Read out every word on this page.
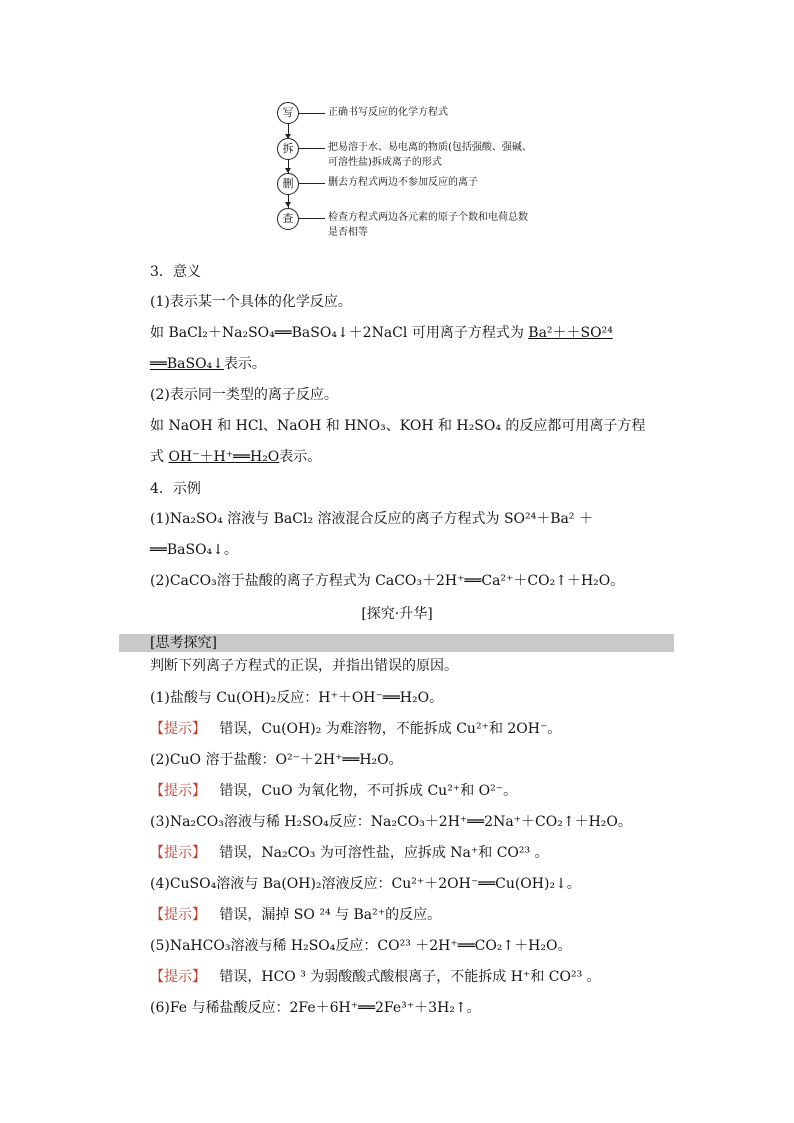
写	正确书写反应的化学方程式
拆	把易溶于水、易电离的物质(包括强酸、强碱、
可溶性盐)拆成离子的形式
删	删去方程式两边不参加反应的离子
查	检查方程式两边各元素的原子个数和电荷总数
是否相等
3．意义
(1)表示某一个具体的化学反应。
如 BaCl₂＋Na₂SO₄══BaSO₄↓＋2NaCl 可用离子方程式为 Ba²＋＋SO²⁴
══BaSO₄↓表示。
(2)表示同一类型的离子反应。
如 NaOH 和 HCl、NaOH 和 HNO₃、KOH 和 H₂SO₄ 的反应都可用离子方程
式 OH⁻＋H⁺══H₂O表示。
4．示例
(1)Na₂SO₄ 溶液与 BaCl₂ 溶液混合反应的离子方程式为 SO²⁴＋Ba² ＋
══BaSO₄↓。
(2)CaCO₃溶于盐酸的离子方程式为 CaCO₃＋2H⁺══Ca²⁺＋CO₂↑＋H₂O。
[探究·升华]
[思考探究]
判断下列离子方程式的正误，并指出错误的原因。
(1)盐酸与 Cu(OH)₂反应：H⁺＋OH⁻══H₂O。
【提示】 错误，Cu(OH)₂ 为难溶物，不能拆成 Cu²⁺和 2OH⁻。
(2)CuO 溶于盐酸：O²⁻＋2H⁺══H₂O。
【提示】 错误，CuO 为氧化物，不可拆成 Cu²⁺和 O²⁻。
(3)Na₂CO₃溶液与稀 H₂SO₄反应：Na₂CO₃＋2H⁺══2Na⁺＋CO₂↑＋H₂O。
【提示】 错误，Na₂CO₃ 为可溶性盐，应拆成 Na⁺和 CO²³ 。
(4)CuSO₄溶液与 Ba(OH)₂溶液反应：Cu²⁺＋2OH⁻══Cu(OH)₂↓。
【提示】 错误，漏掉 SO ²⁴ 与 Ba²⁺的反应。
(5)NaHCO₃溶液与稀 H₂SO₄反应：CO²³ ＋2H⁺══CO₂↑＋H₂O。
【提示】 错误，HCO ³ 为弱酸酸式酸根离子，不能拆成 H⁺和 CO²³ 。
(6)Fe 与稀盐酸反应：2Fe＋6H⁺══2Fe³⁺＋3H₂↑。
